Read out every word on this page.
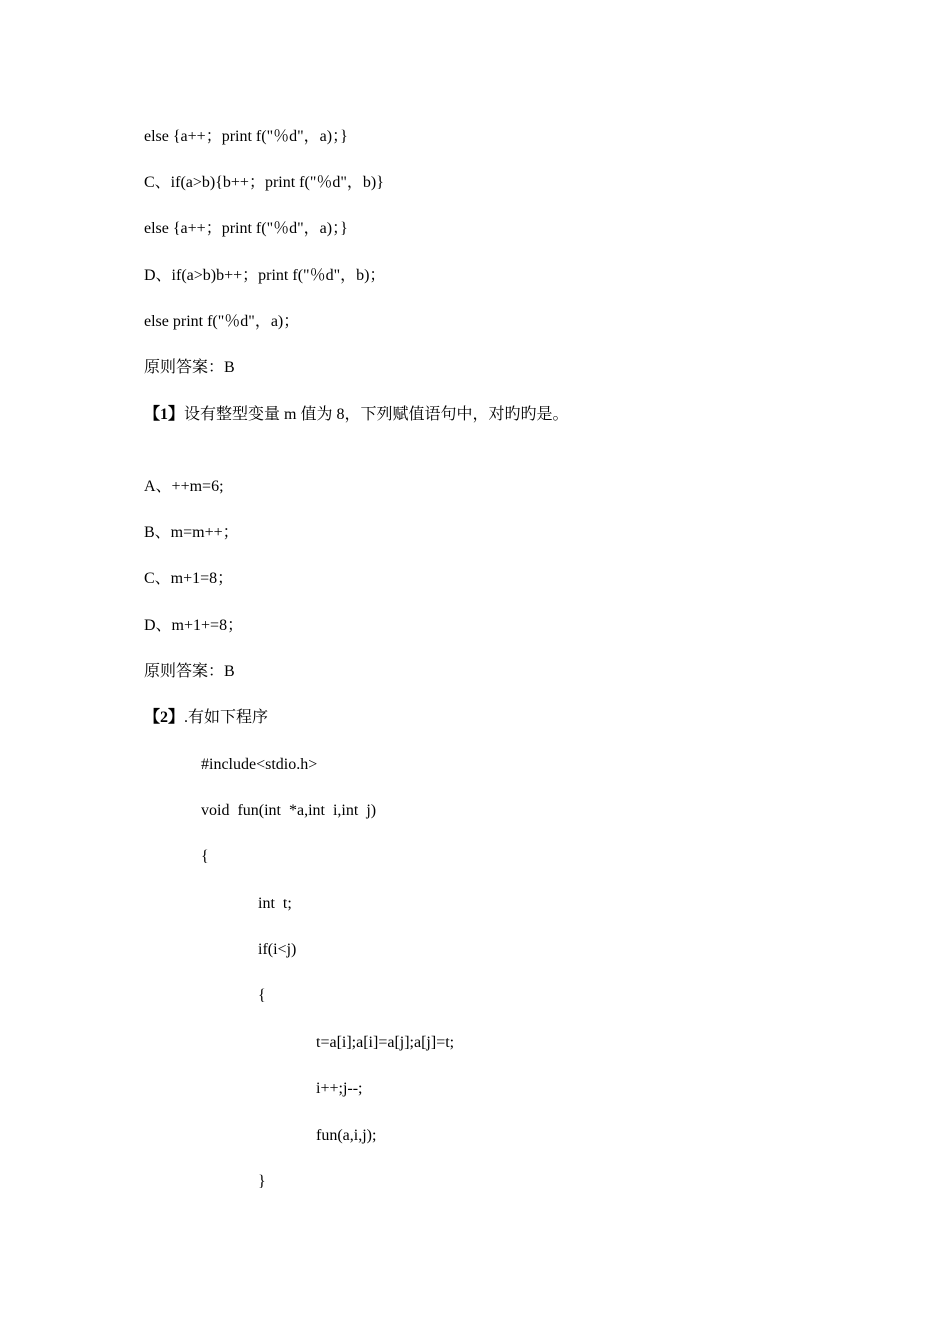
else {a++；print f("％d"，a)；}
C、if(a>b){b++；print f("％d"，b)}
else {a++；print f("％d"，a)；}
D、if(a>b)b++；print f("％d"，b)；
else print f("％d"，a)；
原则答案：B
【1】设有整型变量 m 值为 8，下列赋值语句中，对旳旳是。
A、++m=6;
B、m=m++；
C、m+1=8；
D、m+1+=8；
原则答案：B
【2】.有如下程序
#include<stdio.h>
void  fun(int  *a,int  i,int  j)
{
int  t;
if(i<j)
{
t=a[i];a[i]=a[j];a[j]=t;
i++;j--;
fun(a,i,j);
}
